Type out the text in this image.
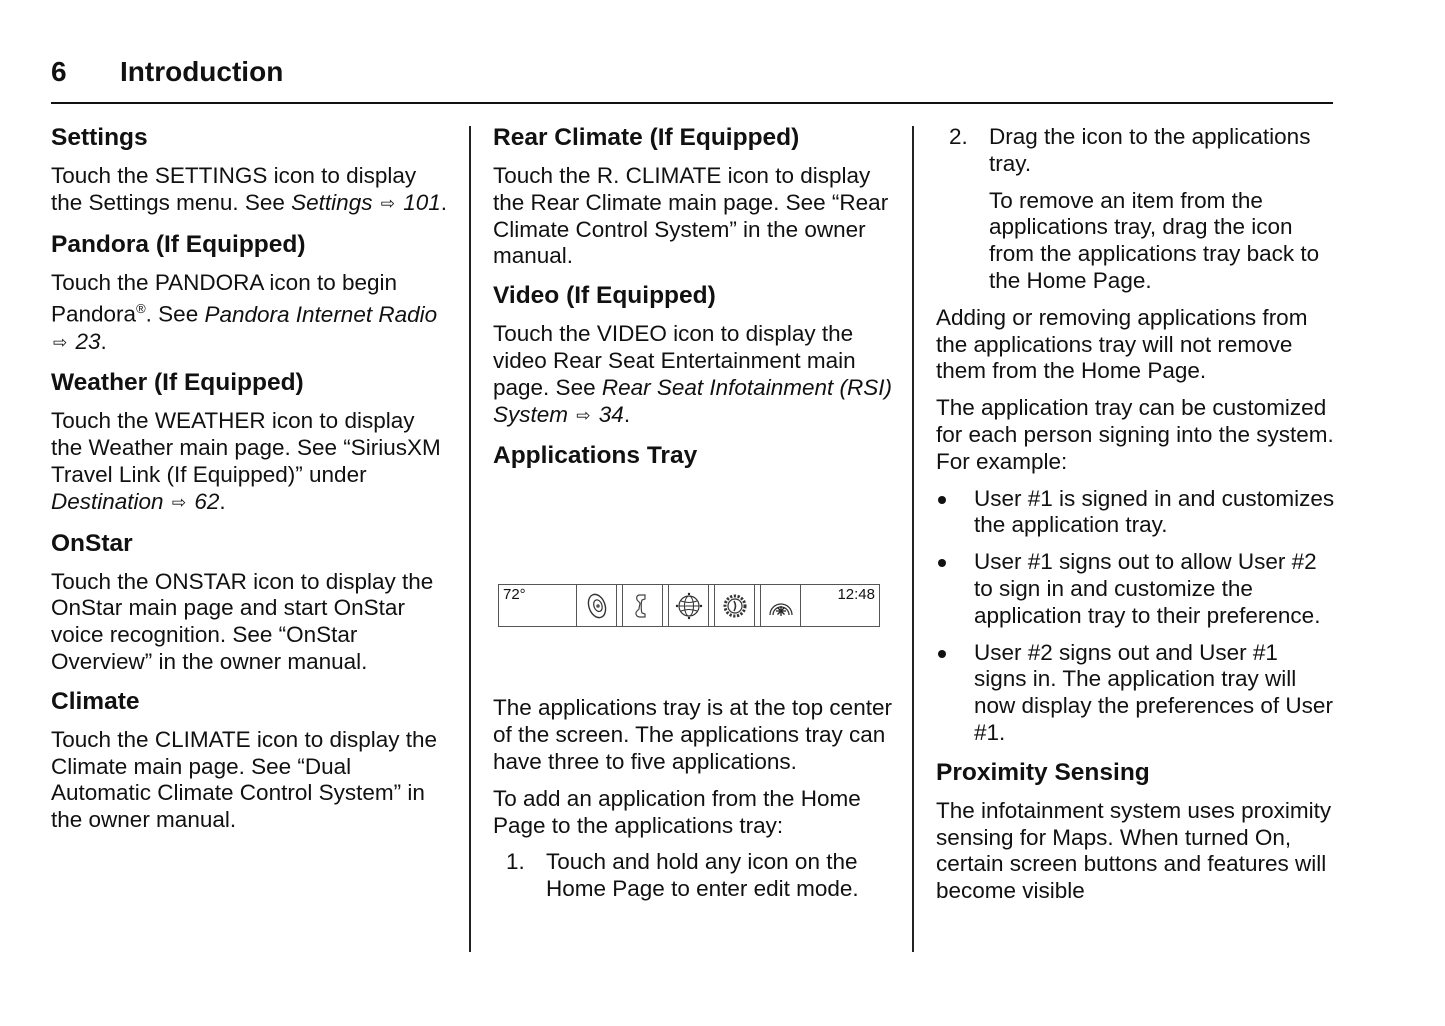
6 Introduction
Settings

Touch the SETTINGS icon to display the Settings menu. See Settings ⇨ 101.

Pandora (If Equipped)

Touch the PANDORA icon to begin Pandora®. See Pandora Internet Radio ⇨ 23.

Weather (If Equipped)

Touch the WEATHER icon to display the Weather main page. See “SiriusXM Travel Link (If Equipped)” under Destination ⇨ 62.

OnStar

Touch the ONSTAR icon to display the OnStar main page and start OnStar voice recognition. See “OnStar Overview” in the owner manual.

Climate

Touch the CLIMATE icon to display the Climate main page. See “Dual Automatic Climate Control System” in the owner manual.

Rear Climate (If Equipped)

Touch the R. CLIMATE icon to display the Rear Climate main page. See “Rear Climate Control System” in the owner manual.

Video (If Equipped)

Touch the VIDEO icon to display the video Rear Seat Entertainment main page. See Rear Seat Infotainment (RSI) System ⇨ 34.

Applications Tray
72°	12:48

The applications tray is at the top center of the screen. The applications tray can have three to five applications.

To add an application from the Home Page to the applications tray:

1. Touch and hold any icon on the Home Page to enter edit mode.
2. Drag the icon to the applications tray.

To remove an item from the applications tray, drag the icon from the applications tray back to the Home Page.

Adding or removing applications from the applications tray will not remove them from the Home Page.

The application tray can be customized for each person signing into the system. For example:

User #1 is signed in and customizes the application tray.
User #1 signs out to allow User #2 to sign in and customize the application tray to their preference.
User #2 signs out and User #1 signs in. The application tray will now display the preferences of User #1.
Proximity Sensing

The infotainment system uses proximity sensing for Maps. When turned On, certain screen buttons and features will become visible
